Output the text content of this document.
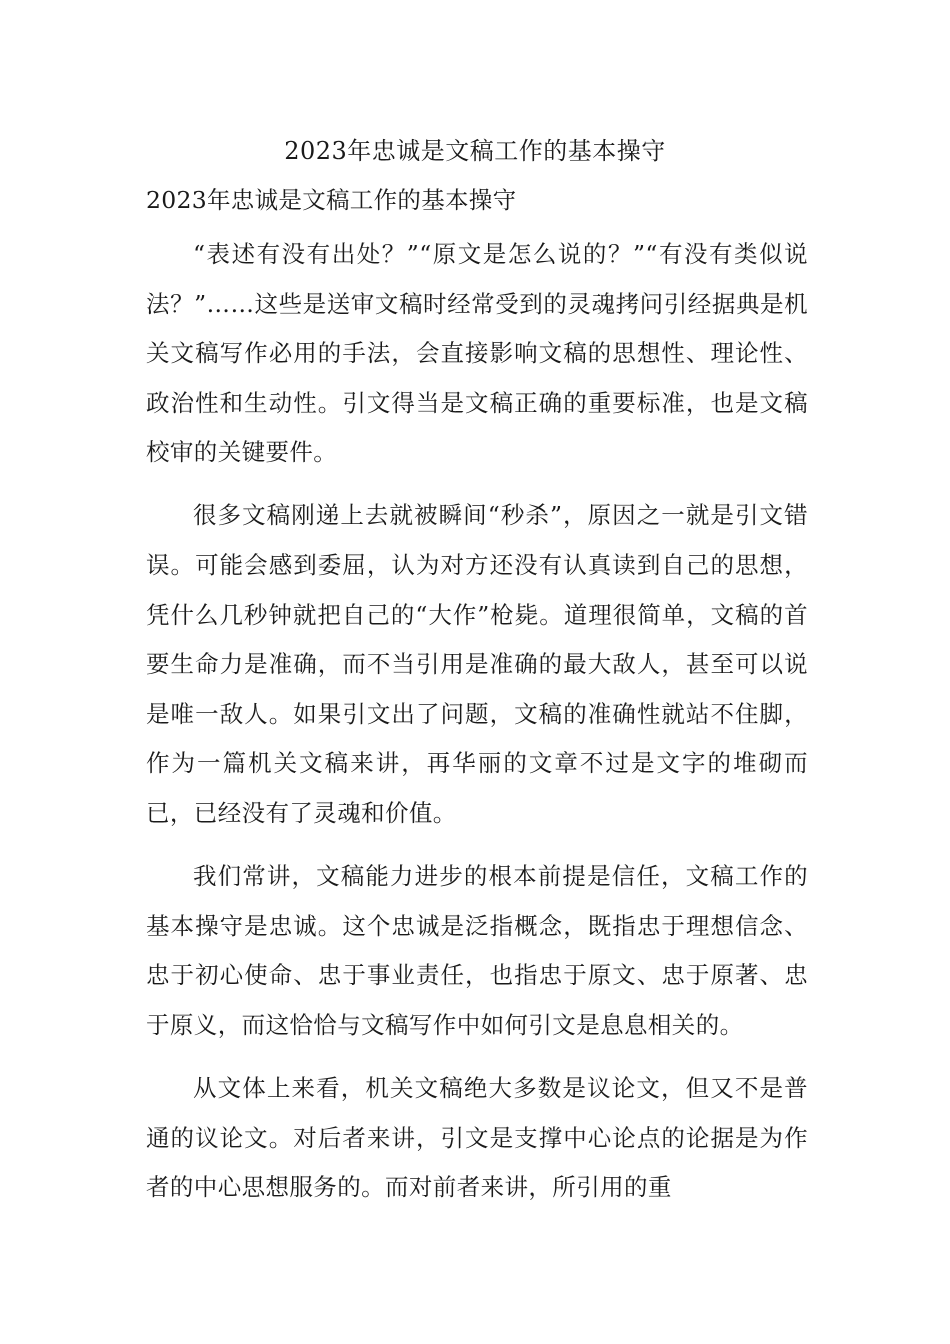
2023年忠诚是文稿工作的基本操守
2023年忠诚是文稿工作的基本操守

“表述有没有出处？”“原文是怎么说的？”“有没有类似说法？”……这些是送审文稿时经常受到的灵魂拷问引经据典是机关文稿写作必用的手法，会直接影响文稿的思想性、理论性、政治性和生动性。引文得当是文稿正确的重要标准，也是文稿校审的关键要件。

很多文稿刚递上去就被瞬间“秒杀”，原因之一就是引文错误。可能会感到委屈，认为对方还没有认真读到自己的思想，凭什么几秒钟就把自己的“大作”枪毙。道理很简单，文稿的首要生命力是准确，而不当引用是准确的最大敌人，甚至可以说是唯一敌人。如果引文出了问题，文稿的准确性就站不住脚，作为一篇机关文稿来讲，再华丽的文章不过是文字的堆砌而已，已经没有了灵魂和价值。

我们常讲，文稿能力进步的根本前提是信任，文稿工作的基本操守是忠诚。这个忠诚是泛指概念，既指忠于理想信念、忠于初心使命、忠于事业责任，也指忠于原文、忠于原著、忠于原义，而这恰恰与文稿写作中如何引文是息息相关的。

从文体上来看，机关文稿绝大多数是议论文，但又不是普通的议论文。对后者来讲，引文是支撑中心论点的论据是为作者的中心思想服务的。而对前者来讲，所引用的重
